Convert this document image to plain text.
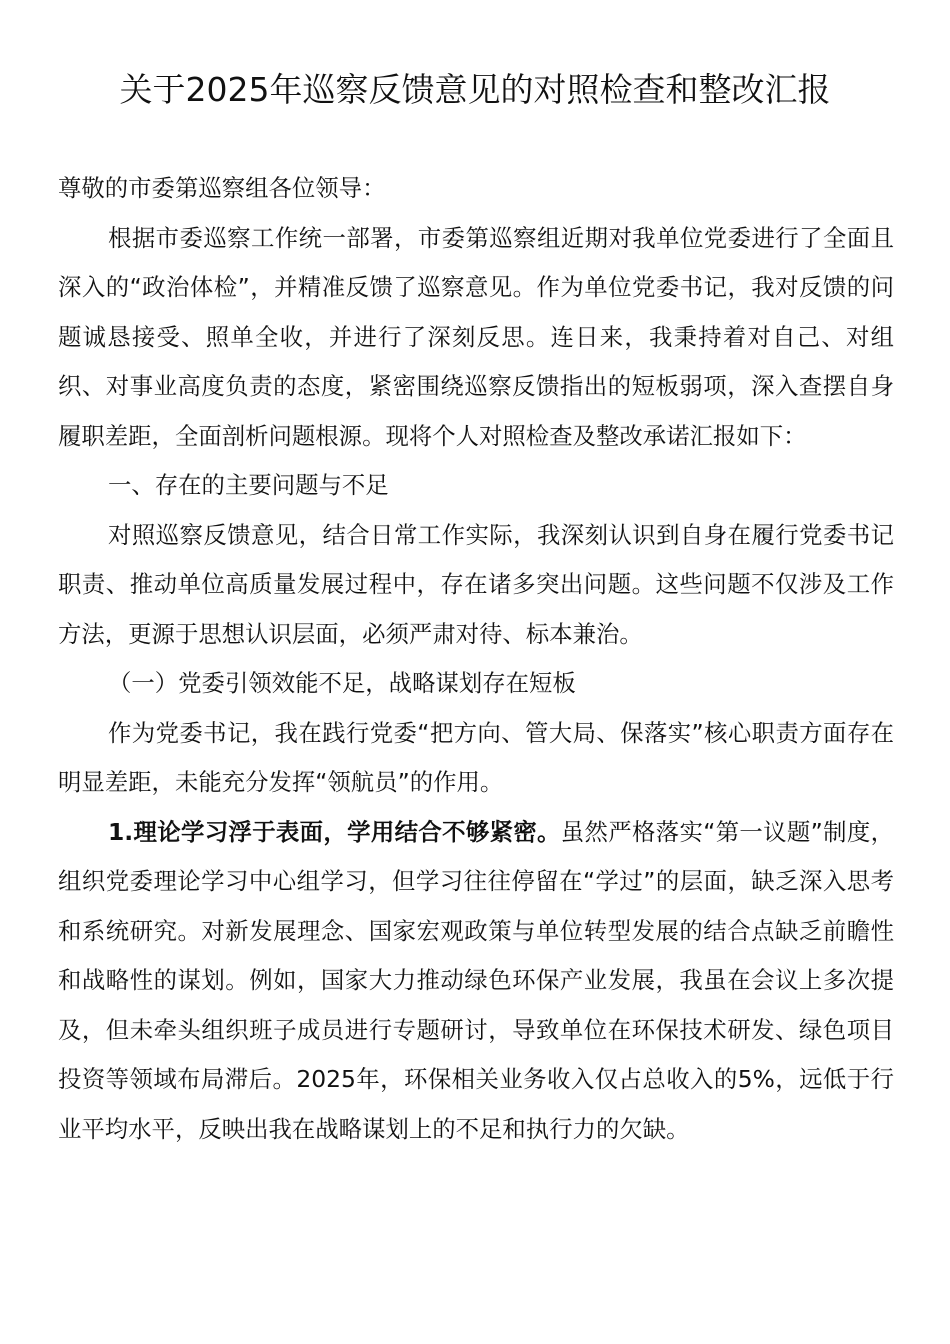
关于2025年巡察反馈意见的对照检查和整改汇报

尊敬的市委第巡察组各位领导：

根据市委巡察工作统一部署，市委第巡察组近期对我单位党委进行了全面且深入的“政治体检”，并精准反馈了巡察意见。作为单位党委书记，我对反馈的问题诚恳接受、照单全收，并进行了深刻反思。连日来，我秉持着对自己、对组织、对事业高度负责的态度，紧密围绕巡察反馈指出的短板弱项，深入查摆自身履职差距，全面剖析问题根源。现将个人对照检查及整改承诺汇报如下：

一、存在的主要问题与不足

对照巡察反馈意见，结合日常工作实际，我深刻认识到自身在履行党委书记职责、推动单位高质量发展过程中，存在诸多突出问题。这些问题不仅涉及工作方法，更源于思想认识层面，必须严肃对待、标本兼治。

（一）党委引领效能不足，战略谋划存在短板

作为党委书记，我在践行党委“把方向、管大局、保落实”核心职责方面存在明显差距，未能充分发挥“领航员”的作用。

1.理论学习浮于表面，学用结合不够紧密。虽然严格落实“第一议题”制度，组织党委理论学习中心组学习，但学习往往停留在“学过”的层面，缺乏深入思考和系统研究。对新发展理念、国家宏观政策与单位转型发展的结合点缺乏前瞻性和战略性的谋划。例如，国家大力推动绿色环保产业发展，我虽在会议上多次提及，但未牵头组织班子成员进行专题研讨，导致单位在环保技术研发、绿色项目投资等领域布局滞后。2025年，环保相关业务收入仅占总收入的5%，远低于行业平均水平，反映出我在战略谋划上的不足和执行力的欠缺。
